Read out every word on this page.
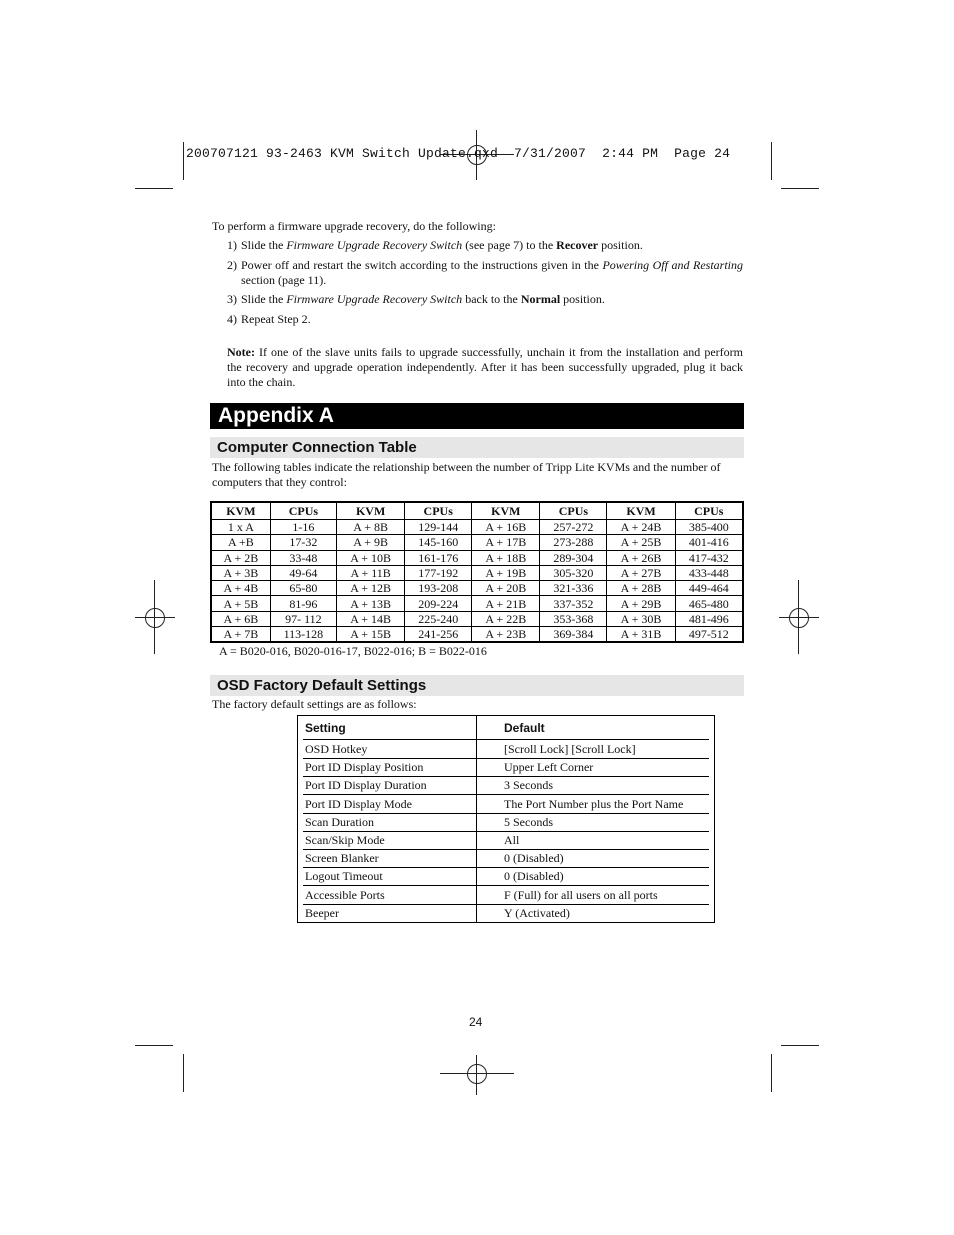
200707121 93-2463 KVM Switch Update.qxd  7/31/2007  2:44 PM  Page 24
To perform a firmware upgrade recovery, do the following:
1) Slide the Firmware Upgrade Recovery Switch (see page 7) to the Recover position.
2) Power off and restart the switch according to the instructions given in the Powering Off and Restarting section (page 11).
3) Slide the Firmware Upgrade Recovery Switch back to the Normal position.
4) Repeat Step 2.
Note: If one of the slave units fails to upgrade successfully, unchain it from the installation and perform the recovery and upgrade operation independently. After it has been successfully upgraded, plug it back into the chain.
Appendix A
Computer Connection Table
The following tables indicate the relationship between the number of Tripp Lite KVMs and the number of computers that they control:
KVM	CPUs	KVM	CPUs	KVM	CPUs	KVM	CPUs
1 x A	1-16	A + 8B	129-144	A + 16B	257-272	A + 24B	385-400
A +B	17-32	A + 9B	145-160	A + 17B	273-288	A + 25B	401-416
A + 2B	33-48	A + 10B	161-176	A + 18B	289-304	A + 26B	417-432
A + 3B	49-64	A + 11B	177-192	A + 19B	305-320	A + 27B	433-448
A + 4B	65-80	A + 12B	193-208	A + 20B	321-336	A + 28B	449-464
A + 5B	81-96	A + 13B	209-224	A + 21B	337-352	A + 29B	465-480
A + 6B	97- 112	A + 14B	225-240	A + 22B	353-368	A + 30B	481-496
A + 7B	113-128	A + 15B	241-256	A + 23B	369-384	A + 31B	497-512
A = B020-016, B020-016-17, B022-016; B = B022-016
OSD Factory Default Settings
The factory default settings are as follows:
Setting	Default
OSD Hotkey	[Scroll Lock] [Scroll Lock]
Port ID Display Position	Upper Left Corner
Port ID Display Duration	3 Seconds
Port ID Display Mode	The Port Number plus the Port Name
Scan Duration	5 Seconds
Scan/Skip Mode	All
Screen Blanker	0 (Disabled)
Logout Timeout	0 (Disabled)
Accessible Ports	F (Full) for all users on all ports
Beeper	Y (Activated)
24
